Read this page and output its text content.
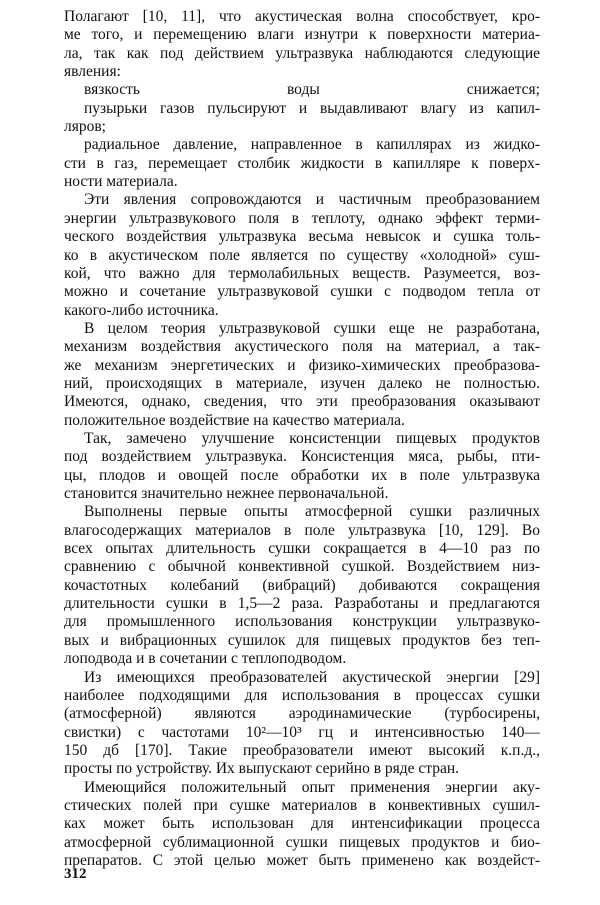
Полагают [10, 11], что акустическая волна способствует, кро-
ме того, и перемещению влаги изнутри к поверхности материа-
ла, так как под действием ультразвука наблюдаются следующие
явления:
вязкость воды снижается;
пузырьки газов пульсируют и выдавливают влагу из капил-
ляров;
радиальное давление, направленное в капиллярах из жидко-
сти в газ, перемещает столбик жидкости в капилляре к поверх-
ности материала.
Эти явления сопровождаются и частичным преобразованием
энергии ультразвукового поля в теплоту, однако эффект терми-
ческого воздействия ультразвука весьма невысок и сушка толь-
ко в акустическом поле является по существу «холодной» суш-
кой, что важно для термолабильных веществ. Разумеется, воз-
можно и сочетание ультразвуковой сушки с подводом тепла от
какого-либо источника.
В целом теория ультразвуковой сушки еще не разработана,
механизм воздействия акустического поля на материал, а так-
же механизм энергетических и физико-химических преобразова-
ний, происходящих в материале, изучен далеко не полностью.
Имеются, однако, сведения, что эти преобразования оказывают
положительное воздействие на качество материала.
Так, замечено улучшение консистенции пищевых продуктов
под воздействием ультразвука. Консистенция мяса, рыбы, пти-
цы, плодов и овощей после обработки их в поле ультразвука
становится значительно нежнее первоначальной.
Выполнены первые опыты атмосферной сушки различных
влагосодержащих материалов в поле ультразвука [10, 129]. Во
всех опытах длительность сушки сокращается в 4—10 раз по
сравнению с обычной конвективной сушкой. Воздействием низ-
кочастотных колебаний (вибраций) добиваются сокращения
длительности сушки в 1,5—2 раза. Разработаны и предлагаются
для промышленного использования конструкции ультразвуко-
вых и вибрационных сушилок для пищевых продуктов без теп-
лоподвода и в сочетании с теплоподводом.
Из имеющихся преобразователей акустической энергии [29]
наиболее подходящими для использования в процессах сушки
(атмосферной) являются аэродинамические (турбосирены,
свистки) с частотами 10²—10³ гц и интенсивностью 140—
150 дб [170]. Такие преобразователи имеют высокий к.п.д.,
просты по устройству. Их выпускают серийно в ряде стран.
Имеющийся положительный опыт применения энергии аку-
стических полей при сушке материалов в конвективных сушил-
ках может быть использован для интенсификации процесса
атмосферной сублимационной сушки пищевых продуктов и био-
препаратов. С этой целью может быть применено как воздейст-
312
